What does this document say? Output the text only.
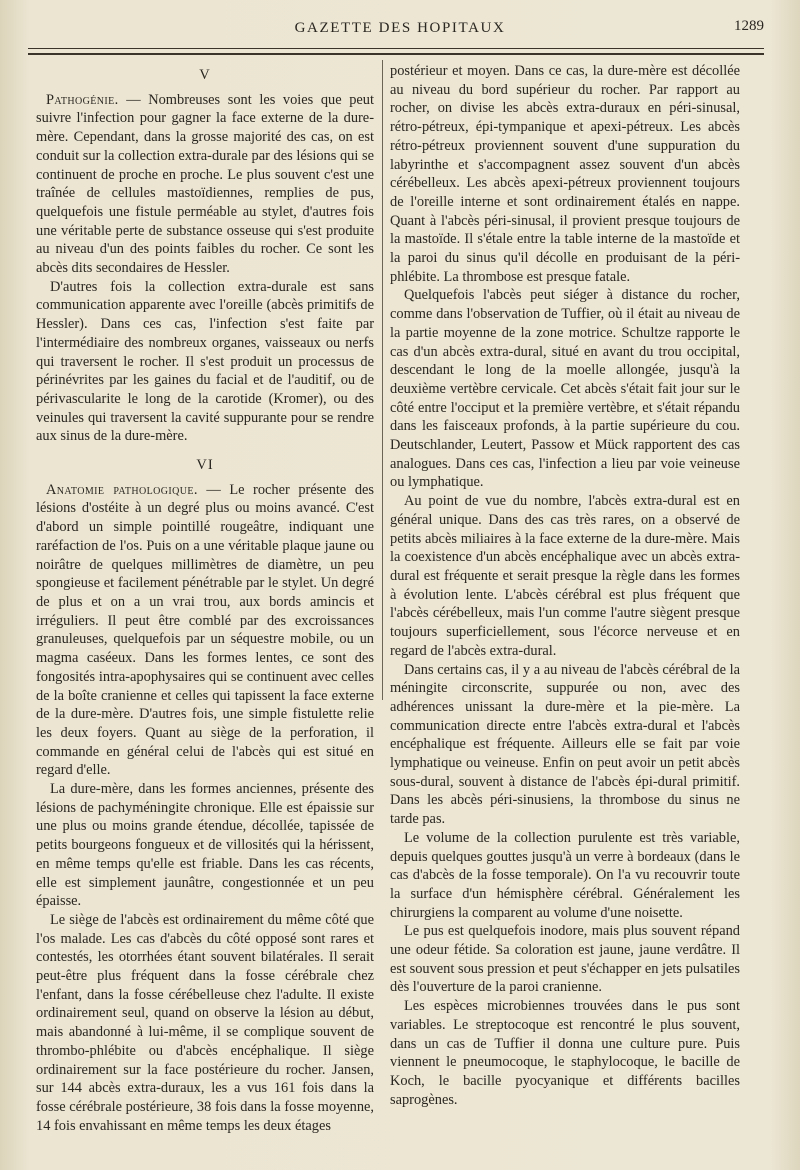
GAZETTE DES HOPITAUX	1289
V

Pathogénie. — Nombreuses sont les voies que peut suivre l'infection pour gagner la face externe de la dure-mère. Cependant, dans la grosse majorité des cas, on est conduit sur la collection extra-durale par des lésions qui se continuent de proche en proche. Le plus souvent c'est une traînée de cellules mastoïdiennes, remplies de pus, quelquefois une fistule perméable au stylet, d'autres fois une véritable perte de substance osseuse qui s'est produite au niveau d'un des points faibles du rocher. Ce sont les abcès dits secondaires de Hessler.

D'autres fois la collection extra-durale est sans communication apparente avec l'oreille (abcès primitifs de Hessler). Dans ces cas, l'infection s'est faite par l'intermédiaire des nombreux organes, vaisseaux ou nerfs qui traversent le rocher. Il s'est produit un processus de périnévrites par les gaines du facial et de l'auditif, ou de périvascularite le long de la carotide (Kromer), ou des veinules qui traversent la cavité suppurante pour se rendre aux sinus de la dure-mère.

VI

Anatomie pathologique. — Le rocher présente des lésions d'ostéite à un degré plus ou moins avancé. C'est d'abord un simple pointillé rougeâtre, indiquant une raréfaction de l'os. Puis on a une véritable plaque jaune ou noirâtre de quelques millimètres de diamètre, un peu spongieuse et facilement pénétrable par le stylet. Un degré de plus et on a un vrai trou, aux bords amincis et irréguliers. Il peut être comblé par des excroissances granuleuses, quelquefois par un séquestre mobile, ou un magma caséeux. Dans les formes lentes, ce sont des fongosités intra-apophysaires qui se continuent avec celles de la boîte cranienne et celles qui tapissent la face externe de la dure-mère. D'autres fois, une simple fistulette relie les deux foyers. Quant au siège de la perforation, il commande en général celui de l'abcès qui est situé en regard d'elle.

La dure-mère, dans les formes anciennes, présente des lésions de pachyméningite chronique. Elle est épaissie sur une plus ou moins grande étendue, décollée, tapissée de petits bourgeons fongueux et de villosités qui la hérissent, en même temps qu'elle est friable. Dans les cas récents, elle est simplement jaunâtre, congestionnée et un peu épaisse.

Le siège de l'abcès est ordinairement du même côté que l'os malade. Les cas d'abcès du côté opposé sont rares et contestés, les otorrhées étant souvent bilatérales. Il serait peut-être plus fréquent dans la fosse cérébrale chez l'enfant, dans la fosse cérébelleuse chez l'adulte. Il existe ordinairement seul, quand on observe la lésion au début, mais abandonné à lui-même, il se complique souvent de thrombo-phlébite ou d'abcès encéphalique. Il siège ordinairement sur la face postérieure du rocher. Jansen, sur 144 abcès extra-duraux, les a vus 161 fois dans la fosse cérébrale postérieure, 38 fois dans la fosse moyenne, 14 fois envahissant en même temps les deux étages

postérieur et moyen. Dans ce cas, la dure-mère est décollée au niveau du bord supérieur du rocher. Par rapport au rocher, on divise les abcès extra-duraux en péri-sinusal, rétro-pétreux, épi-tympanique et apexi-pétreux. Les abcès rétro-pétreux proviennent souvent d'une suppuration du labyrinthe et s'accompagnent assez souvent d'un abcès cérébelleux. Les abcès apexi-pétreux proviennent toujours de l'oreille interne et sont ordinairement étalés en nappe. Quant à l'abcès péri-sinusal, il provient presque toujours de la mastoïde. Il s'étale entre la table interne de la mastoïde et la paroi du sinus qu'il décolle en produisant de la péri-phlébite. La thrombose est presque fatale.

Quelquefois l'abcès peut siéger à distance du rocher, comme dans l'observation de Tuffier, où il était au niveau de la partie moyenne de la zone motrice. Schultze rapporte le cas d'un abcès extra-dural, situé en avant du trou occipital, descendant le long de la moelle allongée, jusqu'à la deuxième vertèbre cervicale. Cet abcès s'était fait jour sur le côté entre l'occiput et la première vertèbre, et s'était répandu dans les faisceaux profonds, à la partie supérieure du cou. Deutschlander, Leutert, Passow et Mück rapportent des cas analogues. Dans ces cas, l'infection a lieu par voie veineuse ou lymphatique.

Au point de vue du nombre, l'abcès extra-dural est en général unique. Dans des cas très rares, on a observé de petits abcès miliaires à la face externe de la dure-mère. Mais la coexistence d'un abcès encéphalique avec un abcès extra-dural est fréquente et serait presque la règle dans les formes à évolution lente. L'abcès cérébral est plus fréquent que l'abcès cérébelleux, mais l'un comme l'autre siègent presque toujours superficiellement, sous l'écorce nerveuse et en regard de l'abcès extra-dural.

Dans certains cas, il y a au niveau de l'abcès cérébral de la méningite circonscrite, suppurée ou non, avec des adhérences unissant la dure-mère et la pie-mère. La communication directe entre l'abcès extra-dural et l'abcès encéphalique est fréquente. Ailleurs elle se fait par voie lymphatique ou veineuse. Enfin on peut avoir un petit abcès sous-dural, souvent à distance de l'abcès épi-dural primitif. Dans les abcès péri-sinusiens, la thrombose du sinus ne tarde pas.

Le volume de la collection purulente est très variable, depuis quelques gouttes jusqu'à un verre à bordeaux (dans le cas d'abcès de la fosse temporale). On l'a vu recouvrir toute la surface d'un hémisphère cérébral. Généralement les chirurgiens la comparent au volume d'une noisette.

Le pus est quelquefois inodore, mais plus souvent répand une odeur fétide. Sa coloration est jaune, jaune verdâtre. Il est souvent sous pression et peut s'échapper en jets pulsatiles dès l'ouverture de la paroi cranienne.

Les espèces microbiennes trouvées dans le pus sont variables. Le streptocoque est rencontré le plus souvent, dans un cas de Tuffier il donna une culture pure. Puis viennent le pneumocoque, le staphylocoque, le bacille de Koch, le bacille pyocyanique et différents bacilles saprogènes.
